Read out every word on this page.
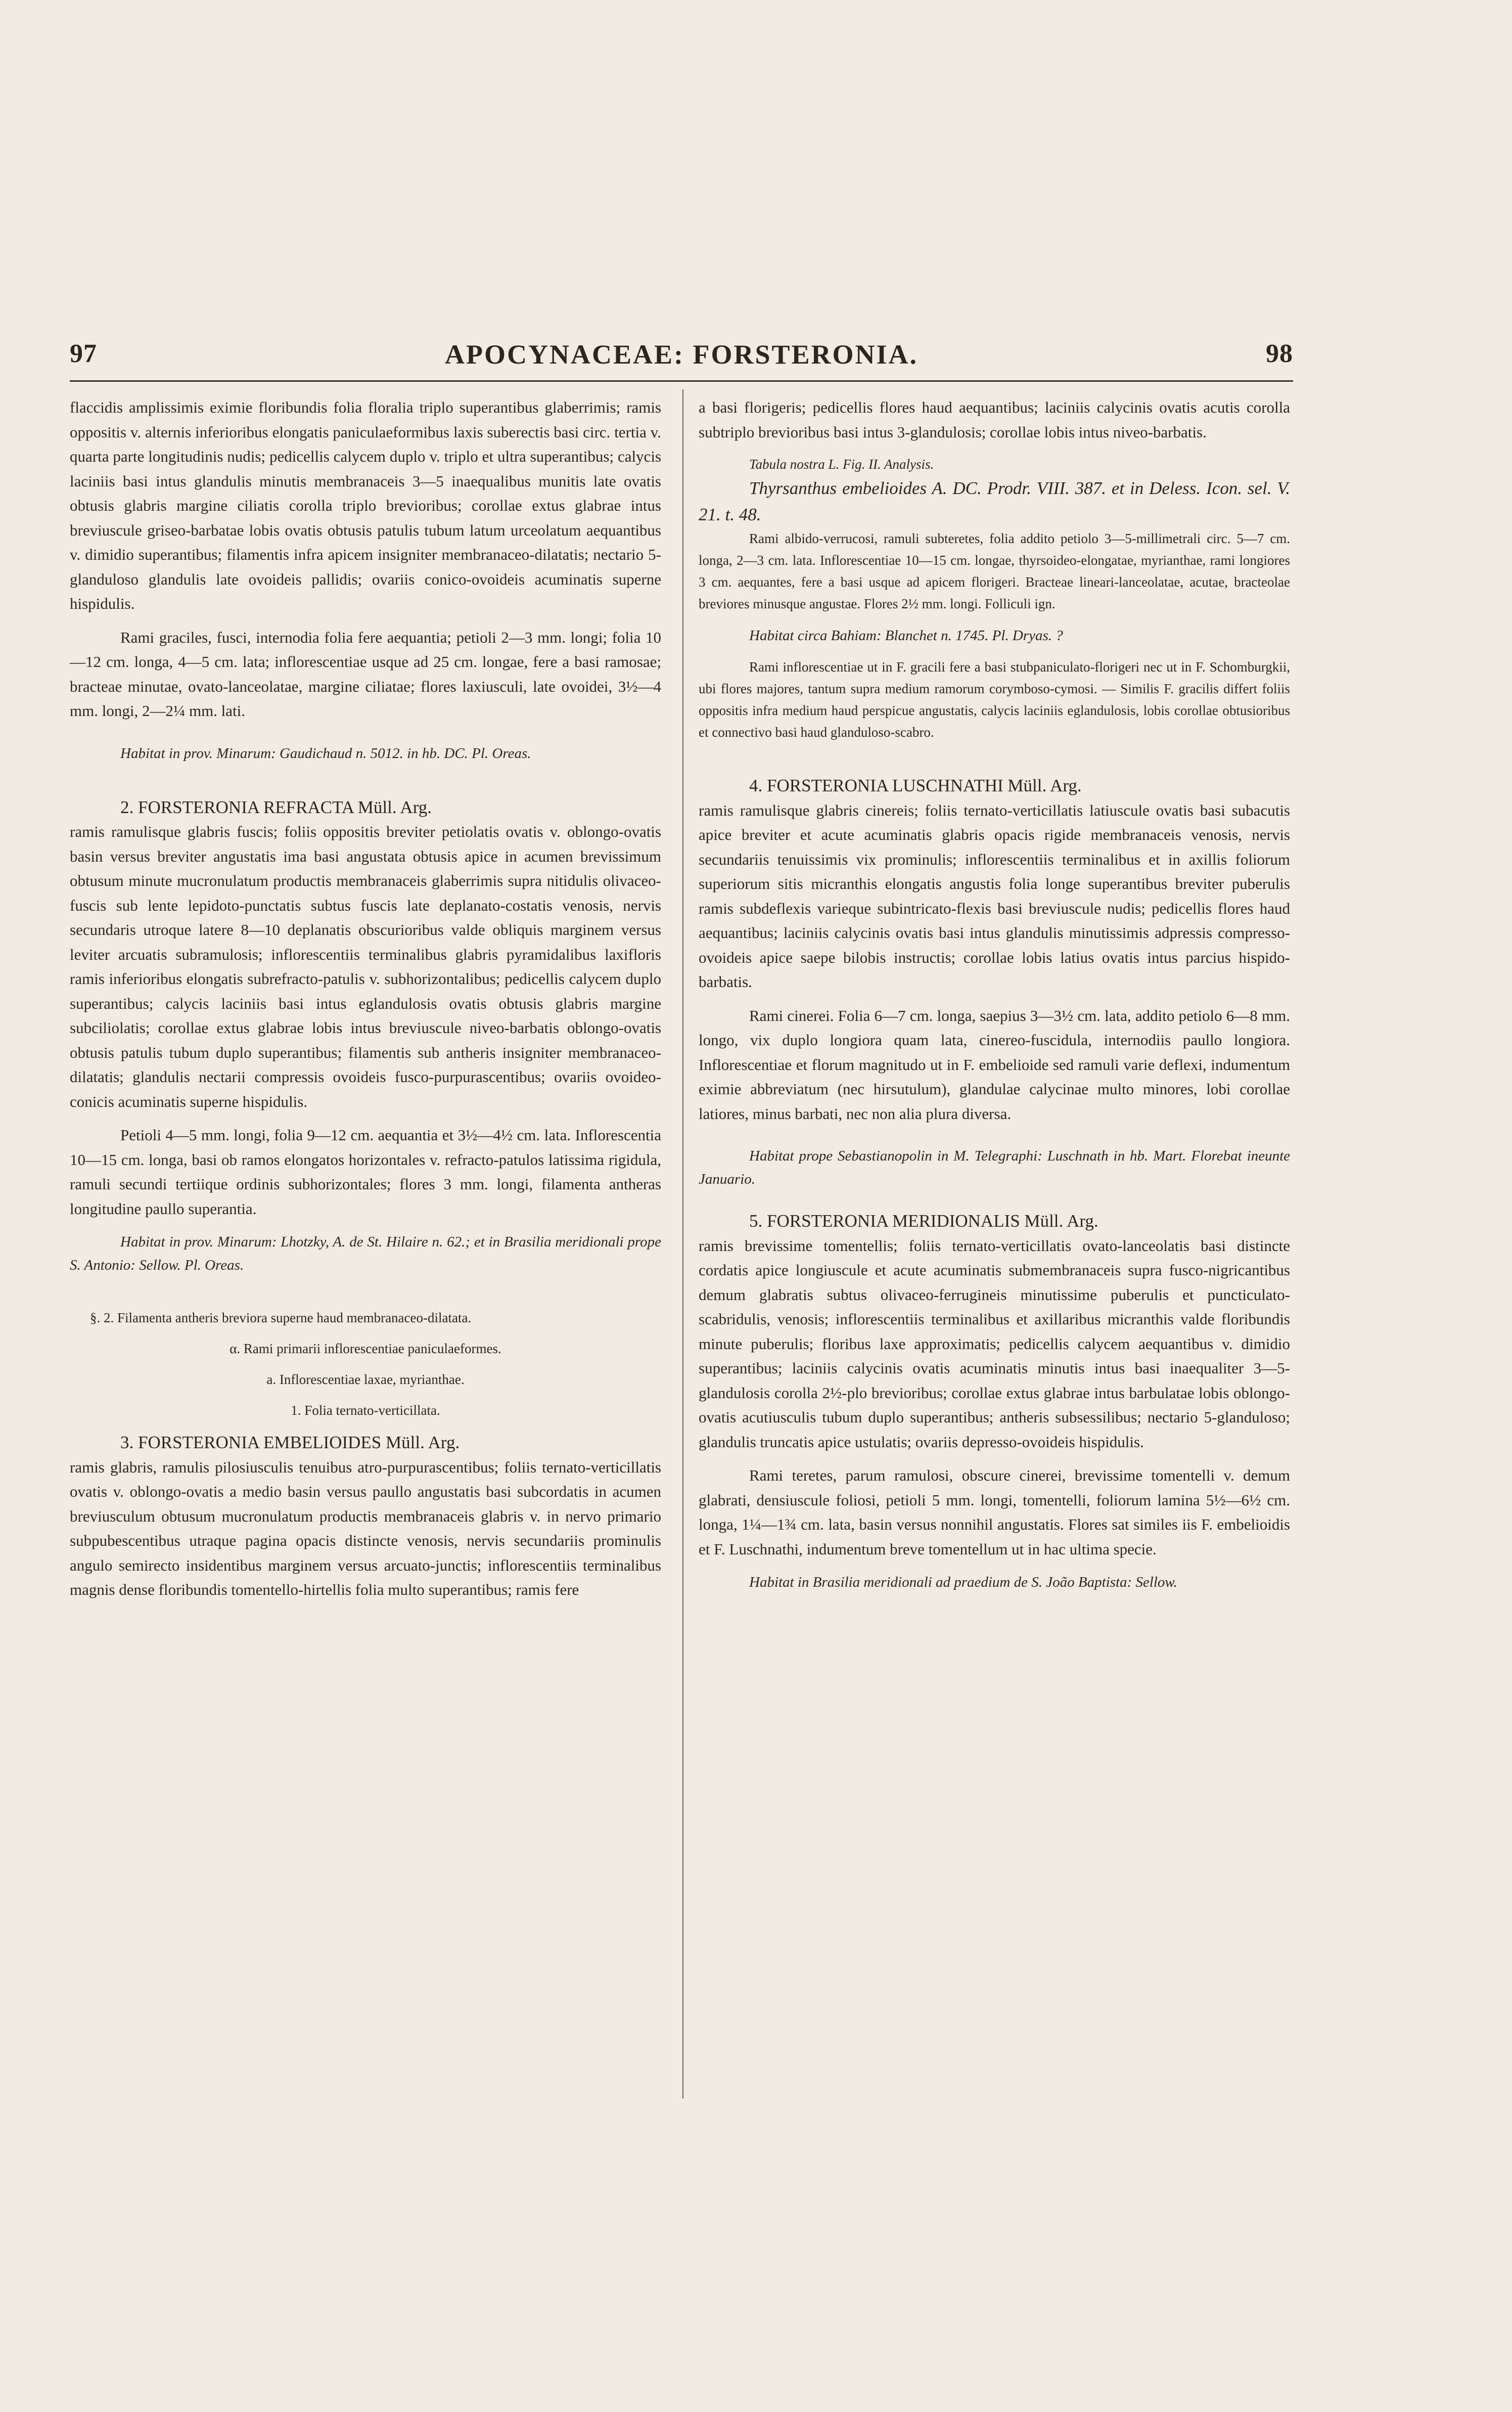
97	APOCYNACEAE: FORSTERONIA.	98

flaccidis amplissimis eximie floribundis folia floralia triplo superantibus glaberrimis; ramis oppositis v. alternis inferioribus elongatis paniculaeformibus laxis suberectis basi circ. tertia v. quarta parte longitudinis nudis; pedicellis calycem duplo v. triplo et ultra superantibus; calycis laciniis basi intus glandulis minutis membranaceis 3—5 inaequalibus munitis late ovatis obtusis glabris margine ciliatis corolla triplo brevioribus; corollae extus glabrae intus breviuscule griseo-barbatae lobis ovatis obtusis patulis tubum latum urceolatum aequantibus v. dimidio superantibus; filamentis infra apicem insigniter membranaceo-dilatatis; nectario 5-glanduloso glandulis late ovoideis pallidis; ovariis conico-ovoideis acuminatis superne hispidulis.

Rami graciles, fusci, internodia folia fere aequantia; petioli 2—3 mm. longi; folia 10—12 cm. longa, 4—5 cm. lata; inflorescentiae usque ad 25 cm. longae, fere a basi ramosae; bracteae minutae, ovato-lanceolatae, margine ciliatae; flores laxiusculi, late ovoidei, 3½—4 mm. longi, 2—2¼ mm. lati.

Habitat in prov. Minarum: Gaudichaud n. 5012. in hb. DC. Pl. Oreas.

2. FORSTERONIA REFRACTA Müll. Arg.

ramis ramulisque glabris fuscis; foliis oppositis breviter petiolatis ovatis v. oblongo-ovatis basin versus breviter angustatis ima basi angustata obtusis apice in acumen brevissimum obtusum minute mucronulatum productis membranaceis glaberrimis supra nitidulis olivaceo-fuscis sub lente lepidoto-punctatis subtus fuscis late deplanato-costatis venosis, nervis secundaris utroque latere 8—10 deplanatis obscurioribus valde obliquis marginem versus leviter arcuatis subramulosis; inflorescentiis terminalibus glabris pyramidalibus laxifloris ramis inferioribus elongatis subrefracto-patulis v. subhorizontalibus; pedicellis calycem duplo superantibus; calycis laciniis basi intus eglandulosis ovatis obtusis glabris margine subciliolatis; corollae extus glabrae lobis intus breviuscule niveo-barbatis oblongo-ovatis obtusis patulis tubum duplo superantibus; filamentis sub antheris insigniter membranaceo-dilatatis; glandulis nectarii compressis ovoideis fusco-purpurascentibus; ovariis ovoideo-conicis acuminatis superne hispidulis.

Petioli 4—5 mm. longi, folia 9—12 cm. aequantia et 3½—4½ cm. lata. Inflorescentia 10—15 cm. longa, basi ob ramos elongatos horizontales v. refracto-patulos latissima rigidula, ramuli secundi tertiique ordinis subhorizontales; flores 3 mm. longi, filamenta antheras longitudine paullo superantia.

Habitat in prov. Minarum: Lhotzky, A. de St. Hilaire n. 62.; et in Brasilia meridionali prope S. Antonio: Sellow. Pl. Oreas.

§. 2. Filamenta antheris breviora superne haud membranaceo-dilatata.

α. Rami primarii inflorescentiae paniculaeformes.

a. Inflorescentiae laxae, myrianthae.

1. Folia ternato-verticillata.

3. FORSTERONIA EMBELIOIDES Müll. Arg.

ramis glabris, ramulis pilosiusculis tenuibus atro-purpurascentibus; foliis ternato-verticillatis ovatis v. oblongo-ovatis a medio basin versus paullo angustatis basi subcordatis in acumen breviusculum obtusum mucronulatum productis membranaceis glabris v. in nervo primario subpubescentibus utraque pagina opacis distincte venosis, nervis secundariis prominulis angulo semirecto insidentibus marginem versus arcuato-junctis; inflorescentiis terminalibus magnis dense floribundis tomentello-hirtellis folia multo superantibus; ramis fere

a basi florigeris; pedicellis flores haud aequantibus; laciniis calycinis ovatis acutis corolla subtriplo brevioribus basi intus 3-glandulosis; corollae lobis intus niveo-barbatis.

Tabula nostra L. Fig. II. Analysis.

Thyrsanthus embelioides A. DC. Prodr. VIII. 387. et in Deless. Icon. sel. V. 21. t. 48.

Rami albido-verrucosi, ramuli subteretes, folia addito petiolo 3—5-millimetrali circ. 5—7 cm. longa, 2—3 cm. lata. Inflorescentiae 10—15 cm. longae, thyrsoideo-elongatae, myrianthae, rami longiores 3 cm. aequantes, fere a basi usque ad apicem florigeri. Bracteae lineari-lanceolatae, acutae, bracteolae breviores minusque angustae. Flores 2½ mm. longi. Folliculi ign.

Habitat circa Bahiam: Blanchet n. 1745. Pl. Dryas. ?

Rami inflorescentiae ut in F. gracili fere a basi stubpaniculato-florigeri nec ut in F. Schomburgkii, ubi flores majores, tantum supra medium ramorum corymboso-cymosi. — Similis F. gracilis differt foliis oppositis infra medium haud perspicue angustatis, calycis laciniis eglandulosis, lobis corollae obtusioribus et connectivo basi haud glanduloso-scabro.

4. FORSTERONIA LUSCHNATHI Müll. Arg.

ramis ramulisque glabris cinereis; foliis ternato-verticillatis latiuscule ovatis basi subacutis apice breviter et acute acuminatis glabris opacis rigide membranaceis venosis, nervis secundariis tenuissimis vix prominulis; inflorescentiis terminalibus et in axillis foliorum superiorum sitis micranthis elongatis angustis folia longe superantibus breviter puberulis ramis subdeflexis varieque subintricato-flexis basi breviuscule nudis; pedicellis flores haud aequantibus; laciniis calycinis ovatis basi intus glandulis minutissimis adpressis compresso-ovoideis apice saepe bilobis instructis; corollae lobis latius ovatis intus parcius hispido-barbatis.

Rami cinerei. Folia 6—7 cm. longa, saepius 3—3½ cm. lata, addito petiolo 6—8 mm. longo, vix duplo longiora quam lata, cinereo-fuscidula, internodiis paullo longiora. Inflorescentiae et florum magnitudo ut in F. embelioide sed ramuli varie deflexi, indumentum eximie abbreviatum (nec hirsutulum), glandulae calycinae multo minores, lobi corollae latiores, minus barbati, nec non alia plura diversa.

Habitat prope Sebastianopolin in M. Telegraphi: Luschnath in hb. Mart. Florebat ineunte Januario.

5. FORSTERONIA MERIDIONALIS Müll. Arg.

ramis brevissime tomentellis; foliis ternato-verticillatis ovato-lanceolatis basi distincte cordatis apice longiuscule et acute acuminatis submembranaceis supra fusco-nigricantibus demum glabratis subtus olivaceo-ferrugineis minutissime puberulis et puncticulato-scabridulis, venosis; inflorescentiis terminalibus et axillaribus micranthis valde floribundis minute puberulis; floribus laxe approximatis; pedicellis calycem aequantibus v. dimidio superantibus; laciniis calycinis ovatis acuminatis minutis intus basi inaequaliter 3—5-glandulosis corolla 2½-plo brevioribus; corollae extus glabrae intus barbulatae lobis oblongo-ovatis acutiusculis tubum duplo superantibus; antheris subsessilibus; nectario 5-glanduloso; glandulis truncatis apice ustulatis; ovariis depresso-ovoideis hispidulis.

Rami teretes, parum ramulosi, obscure cinerei, brevissime tomentelli v. demum glabrati, densiuscule foliosi, petioli 5 mm. longi, tomentelli, foliorum lamina 5½—6½ cm. longa, 1¼—1¾ cm. lata, basin versus nonnihil angustatis. Flores sat similes iis F. embelioidis et F. Luschnathi, indumentum breve tomentellum ut in hac ultima specie.

Habitat in Brasilia meridionali ad praedium de S. João Baptista: Sellow.
